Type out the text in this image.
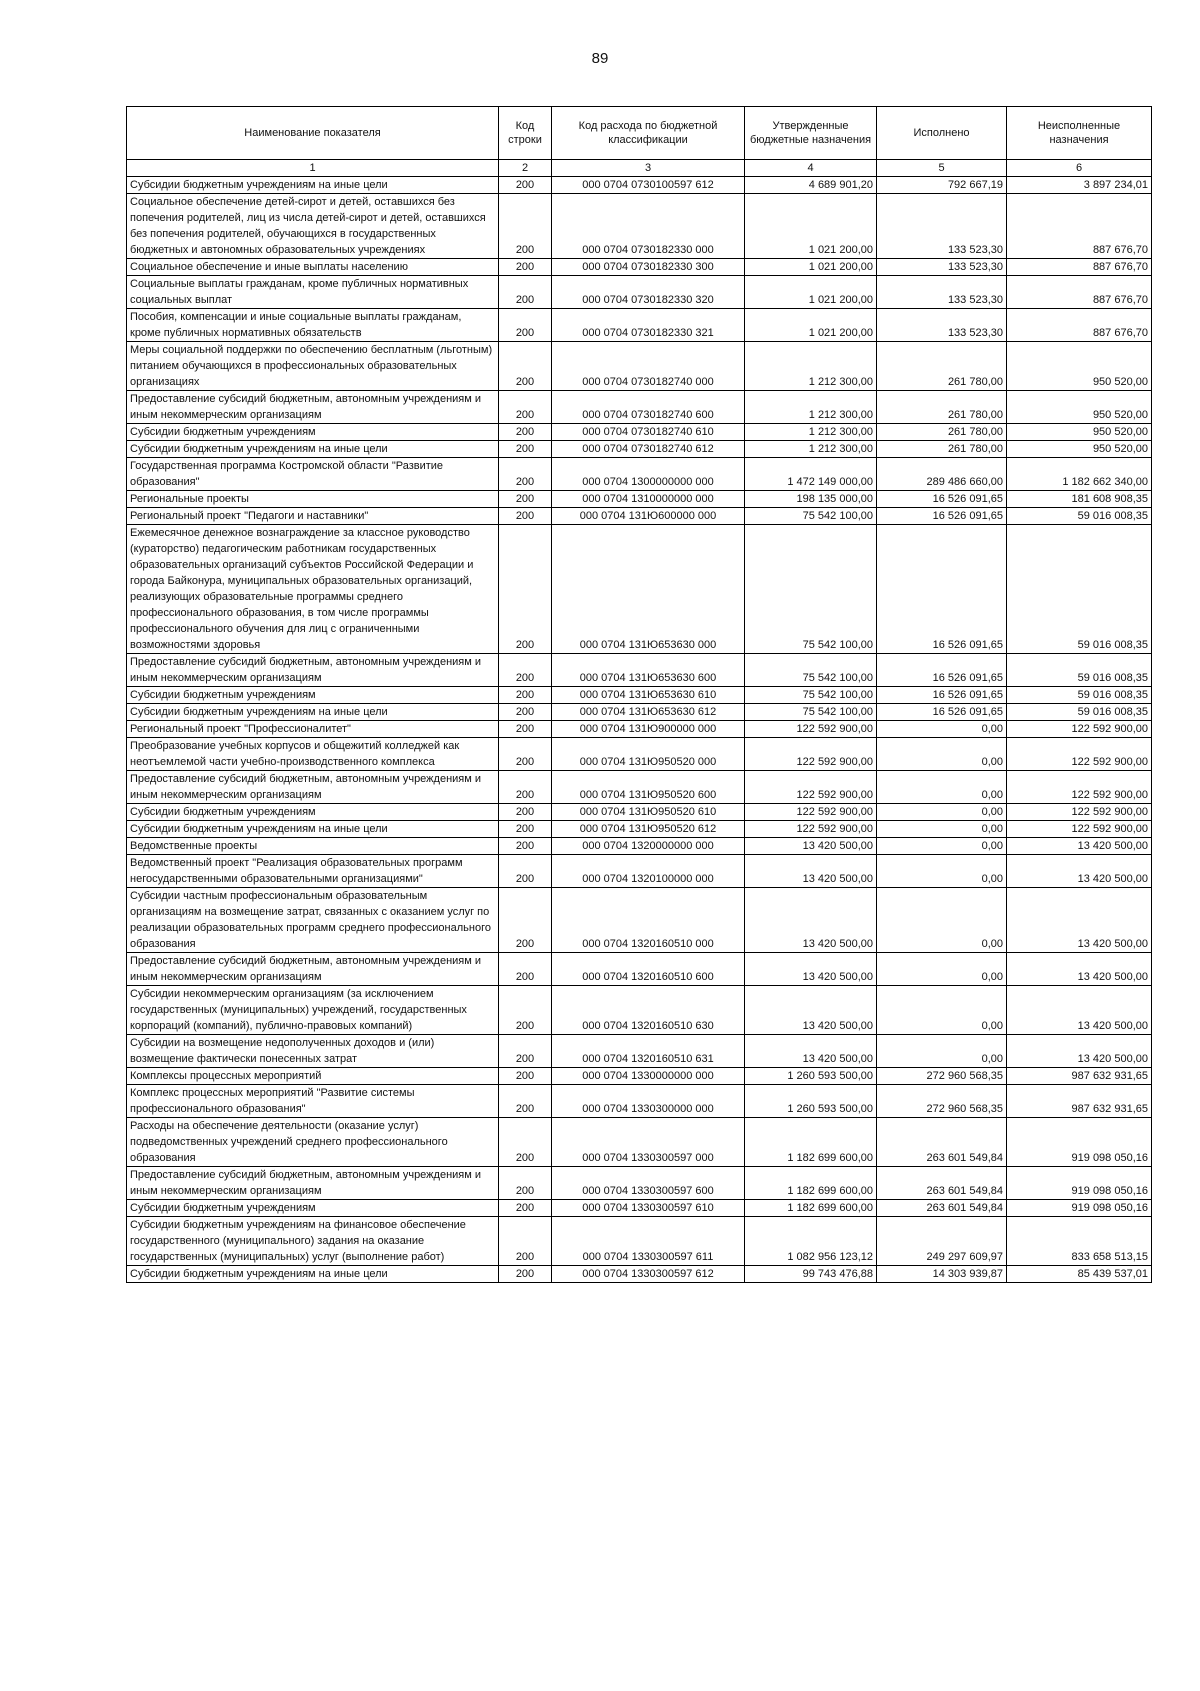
89
Наименование показателя	Код строки	Код расхода по бюджетной классификации	Утвержденные бюджетные назначения	Исполнено	Неисполненные назначения
1	2	3	4	5	6
Субсидии бюджетным учреждениям на иные цели	200	000 0704 0730100597 612	4 689 901,20	792 667,19	3 897 234,01
Социальное обеспечение детей-сирот и детей, оставшихся без попечения родителей, лиц из числа детей-сирот и детей, оставшихся без попечения родителей, обучающихся в государственных бюджетных и автономных образовательных учреждениях	200	000 0704 0730182330 000	1 021 200,00	133 523,30	887 676,70
Социальное обеспечение и иные выплаты населению	200	000 0704 0730182330 300	1 021 200,00	133 523,30	887 676,70
Социальные выплаты гражданам, кроме публичных нормативных социальных выплат	200	000 0704 0730182330 320	1 021 200,00	133 523,30	887 676,70
Пособия, компенсации и иные социальные выплаты гражданам, кроме публичных нормативных обязательств	200	000 0704 0730182330 321	1 021 200,00	133 523,30	887 676,70
Меры социальной поддержки по обеспечению бесплатным (льготным) питанием обучающихся в профессиональных образовательных организациях	200	000 0704 0730182740 000	1 212 300,00	261 780,00	950 520,00
Предоставление субсидий бюджетным, автономным учреждениям и иным некоммерческим организациям	200	000 0704 0730182740 600	1 212 300,00	261 780,00	950 520,00
Субсидии бюджетным учреждениям	200	000 0704 0730182740 610	1 212 300,00	261 780,00	950 520,00
Субсидии бюджетным учреждениям на иные цели	200	000 0704 0730182740 612	1 212 300,00	261 780,00	950 520,00
Государственная программа Костромской области "Развитие образования"	200	000 0704 1300000000 000	1 472 149 000,00	289 486 660,00	1 182 662 340,00
Региональные проекты	200	000 0704 1310000000 000	198 135 000,00	16 526 091,65	181 608 908,35
Региональный проект "Педагоги и наставники"	200	000 0704 131Ю600000 000	75 542 100,00	16 526 091,65	59 016 008,35
Ежемесячное денежное вознаграждение за классное руководство (кураторство) педагогическим работникам государственных образовательных организаций субъектов Российской Федерации и города Байконура, муниципальных образовательных организаций, реализующих образовательные программы среднего профессионального образования, в том числе программы профессионального обучения для лиц с ограниченными возможностями здоровья	200	000 0704 131Ю653630 000	75 542 100,00	16 526 091,65	59 016 008,35
Предоставление субсидий бюджетным, автономным учреждениям и иным некоммерческим организациям	200	000 0704 131Ю653630 600	75 542 100,00	16 526 091,65	59 016 008,35
Субсидии бюджетным учреждениям	200	000 0704 131Ю653630 610	75 542 100,00	16 526 091,65	59 016 008,35
Субсидии бюджетным учреждениям на иные цели	200	000 0704 131Ю653630 612	75 542 100,00	16 526 091,65	59 016 008,35
Региональный проект "Профессионалитет"	200	000 0704 131Ю900000 000	122 592 900,00	0,00	122 592 900,00
Преобразование учебных корпусов и общежитий колледжей как неотъемлемой части учебно-производственного комплекса	200	000 0704 131Ю950520 000	122 592 900,00	0,00	122 592 900,00
Предоставление субсидий бюджетным, автономным учреждениям и иным некоммерческим организациям	200	000 0704 131Ю950520 600	122 592 900,00	0,00	122 592 900,00
Субсидии бюджетным учреждениям	200	000 0704 131Ю950520 610	122 592 900,00	0,00	122 592 900,00
Субсидии бюджетным учреждениям на иные цели	200	000 0704 131Ю950520 612	122 592 900,00	0,00	122 592 900,00
Ведомственные проекты	200	000 0704 1320000000 000	13 420 500,00	0,00	13 420 500,00
Ведомственный проект "Реализация образовательных программ негосударственными образовательными организациями"	200	000 0704 1320100000 000	13 420 500,00	0,00	13 420 500,00
Субсидии частным профессиональным образовательным организациям на возмещение затрат, связанных с оказанием услуг по реализации образовательных программ среднего профессионального образования	200	000 0704 1320160510 000	13 420 500,00	0,00	13 420 500,00
Предоставление субсидий бюджетным, автономным учреждениям и иным некоммерческим организациям	200	000 0704 1320160510 600	13 420 500,00	0,00	13 420 500,00
Субсидии некоммерческим организациям (за исключением государственных (муниципальных) учреждений, государственных корпораций (компаний), публично-правовых компаний)	200	000 0704 1320160510 630	13 420 500,00	0,00	13 420 500,00
Субсидии на возмещение недополученных доходов и (или) возмещение фактически понесенных затрат	200	000 0704 1320160510 631	13 420 500,00	0,00	13 420 500,00
Комплексы процессных мероприятий	200	000 0704 1330000000 000	1 260 593 500,00	272 960 568,35	987 632 931,65
Комплекс процессных мероприятий "Развитие системы профессионального образования"	200	000 0704 1330300000 000	1 260 593 500,00	272 960 568,35	987 632 931,65
Расходы на обеспечение деятельности (оказание услуг) подведомственных учреждений среднего профессионального образования	200	000 0704 1330300597 000	1 182 699 600,00	263 601 549,84	919 098 050,16
Предоставление субсидий бюджетным, автономным учреждениям и иным некоммерческим организациям	200	000 0704 1330300597 600	1 182 699 600,00	263 601 549,84	919 098 050,16
Субсидии бюджетным учреждениям	200	000 0704 1330300597 610	1 182 699 600,00	263 601 549,84	919 098 050,16
Субсидии бюджетным учреждениям на финансовое обеспечение государственного (муниципального) задания на оказание государственных (муниципальных) услуг (выполнение работ)	200	000 0704 1330300597 611	1 082 956 123,12	249 297 609,97	833 658 513,15
Субсидии бюджетным учреждениям на иные цели	200	000 0704 1330300597 612	99 743 476,88	14 303 939,87	85 439 537,01
